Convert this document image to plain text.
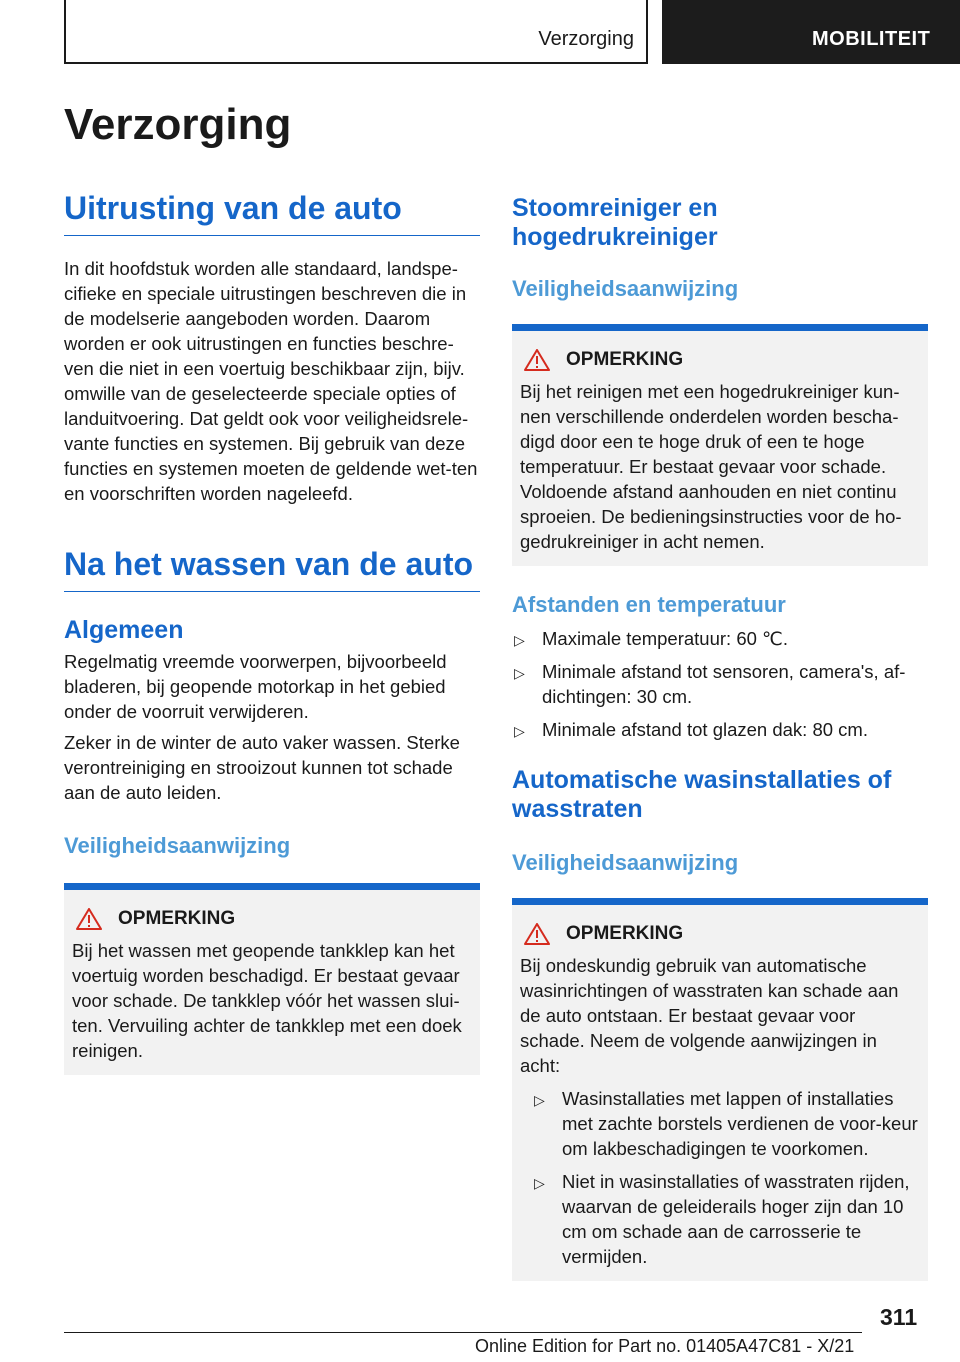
Verzorging	MOBILITEIT
Verzorging
Uitrusting van de auto

In dit hoofdstuk worden alle standaard, landspe-cifieke en speciale uitrustingen beschreven die in de modelserie aangeboden worden. Daarom worden er ook uitrustingen en functies beschre-ven die niet in een voertuig beschikbaar zijn, bijv. omwille van de geselecteerde speciale opties of landuitvoering. Dat geldt ook voor veiligheidsrele-vante functies en systemen. Bij gebruik van deze functies en systemen moeten de geldende wet-ten en voorschriften worden nageleefd.

Na het wassen van de auto
Algemeen

Regelmatig vreemde voorwerpen, bijvoorbeeld bladeren, bij geopende motorkap in het gebied onder de voorruit verwijderen.

Zeker in de winter de auto vaker wassen. Sterke verontreiniging en strooizout kunnen tot schade aan de auto leiden.

Veiligheidsaanwijzing
OPMERKING

Bij het wassen met geopende tankklep kan het voertuig worden beschadigd. Er bestaat gevaar voor schade. De tankklep vóór het wassen slui-ten. Vervuiling achter de tankklep met een doek reinigen.

Stoomreiniger en hogedrukreiniger
Veiligheidsaanwijzing
OPMERKING

Bij het reinigen met een hogedrukreiniger kun-nen verschillende onderdelen worden bescha-digd door een te hoge druk of een te hoge temperatuur. Er bestaat gevaar voor schade. Voldoende afstand aanhouden en niet continu sproeien. De bedieningsinstructies voor de ho-gedrukreiniger in acht nemen.

Afstanden en temperatuur
▷ Maximale temperatuur: 60 ℃.
▷ Minimale afstand tot sensoren, camera's, af-dichtingen: 30 cm.
▷ Minimale afstand tot glazen dak: 80 cm.
Automatische wasinstallaties of wasstraten
Veiligheidsaanwijzing
OPMERKING

Bij ondeskundig gebruik van automatische wasinrichtingen of wasstraten kan schade aan de auto ontstaan. Er bestaat gevaar voor schade. Neem de volgende aanwijzingen in acht:

▷ Wasinstallaties met lappen of installaties met zachte borstels verdienen de voor-keur om lakbeschadigingen te voorkomen.
▷ Niet in wasinstallaties of wasstraten rijden, waarvan de geleiderails hoger zijn dan 10 cm om schade aan de carrosserie te vermijden.
311
Online Edition for Part no. 01405A47C81 - X/21
